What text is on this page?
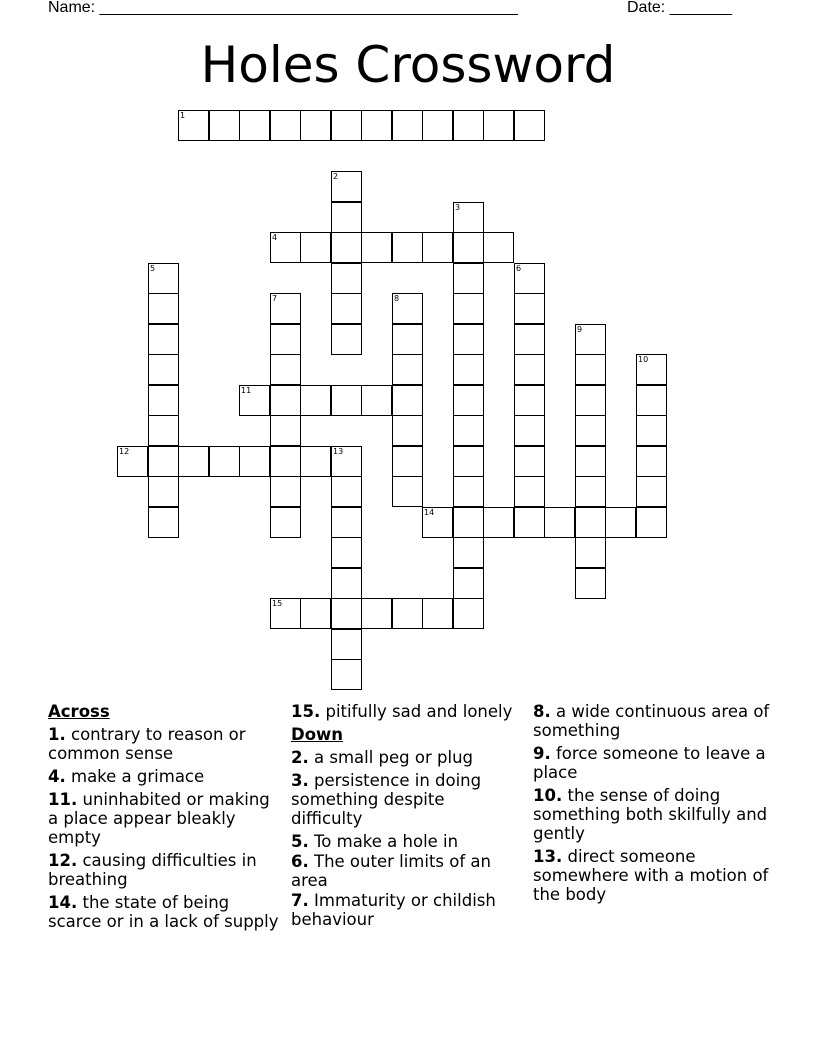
Name: _______________________________________________	Date: _______
Holes Crossword
1
2
3
4
5	6
7	8
9
10
11
12	13
14
15
Across
1. contrary to reason or common sense
4. make a grimace
11. uninhabited or making a place appear bleakly empty
12. causing difficulties in breathing
14. the state of being scarce or in a lack of supply
15. pitifully sad and lonely
Down
2. a small peg or plug
3. persistence in doing something despite difficulty
5. To make a hole in
6. The outer limits of an area
7. Immaturity or childish behaviour
8. a wide continuous area of something
9. force someone to leave a place
10. the sense of doing something both skilfully and gently
13. direct someone somewhere with a motion of the body
